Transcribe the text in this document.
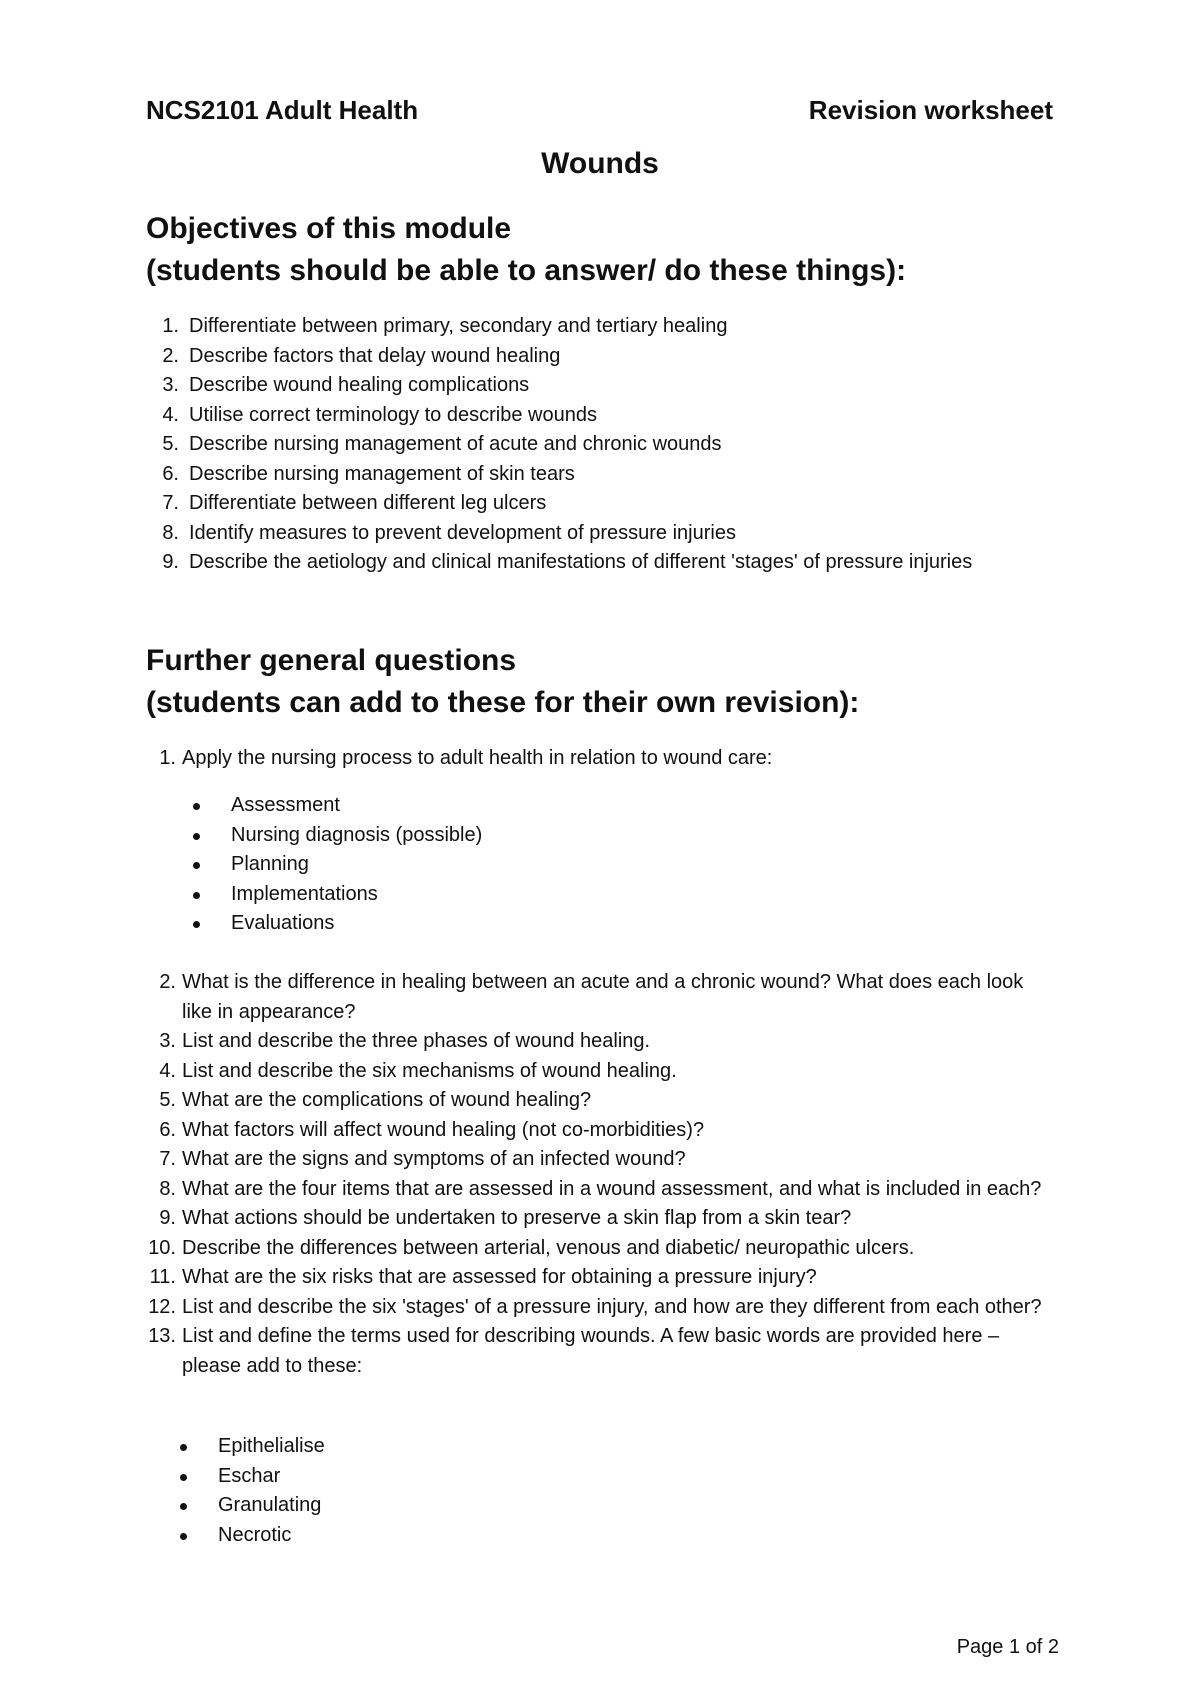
NCS2101 Adult Health	Revision worksheet
Wounds
Objectives of this module
(students should be able to answer/ do these things):
1. Differentiate between primary, secondary and tertiary healing
2. Describe factors that delay wound healing
3. Describe wound healing complications
4. Utilise correct terminology to describe wounds
5. Describe nursing management of acute and chronic wounds
6. Describe nursing management of skin tears
7. Differentiate between different leg ulcers
8. Identify measures to prevent development of pressure injuries
9. Describe the aetiology and clinical manifestations of different 'stages' of pressure injuries
Further general questions
(students can add to these for their own revision):
1. Apply the nursing process to adult health in relation to wound care:
Assessment
Nursing diagnosis (possible)
Planning
Implementations
Evaluations
2. What is the difference in healing between an acute and a chronic wound? What does each look like in appearance?
3. List and describe the three phases of wound healing.
4. List and describe the six mechanisms of wound healing.
5. What are the complications of wound healing?
6. What factors will affect wound healing (not co-morbidities)?
7. What are the signs and symptoms of an infected wound?
8. What are the four items that are assessed in a wound assessment, and what is included in each?
9. What actions should be undertaken to preserve a skin flap from a skin tear?
10. Describe the differences between arterial, venous and diabetic/ neuropathic ulcers.
11. What are the six risks that are assessed for obtaining a pressure injury?
12. List and describe the six 'stages' of a pressure injury, and how are they different from each other?
13. List and define the terms used for describing wounds. A few basic words are provided here – please add to these:
Epithelialise
Eschar
Granulating
Necrotic
Page 1 of 2
